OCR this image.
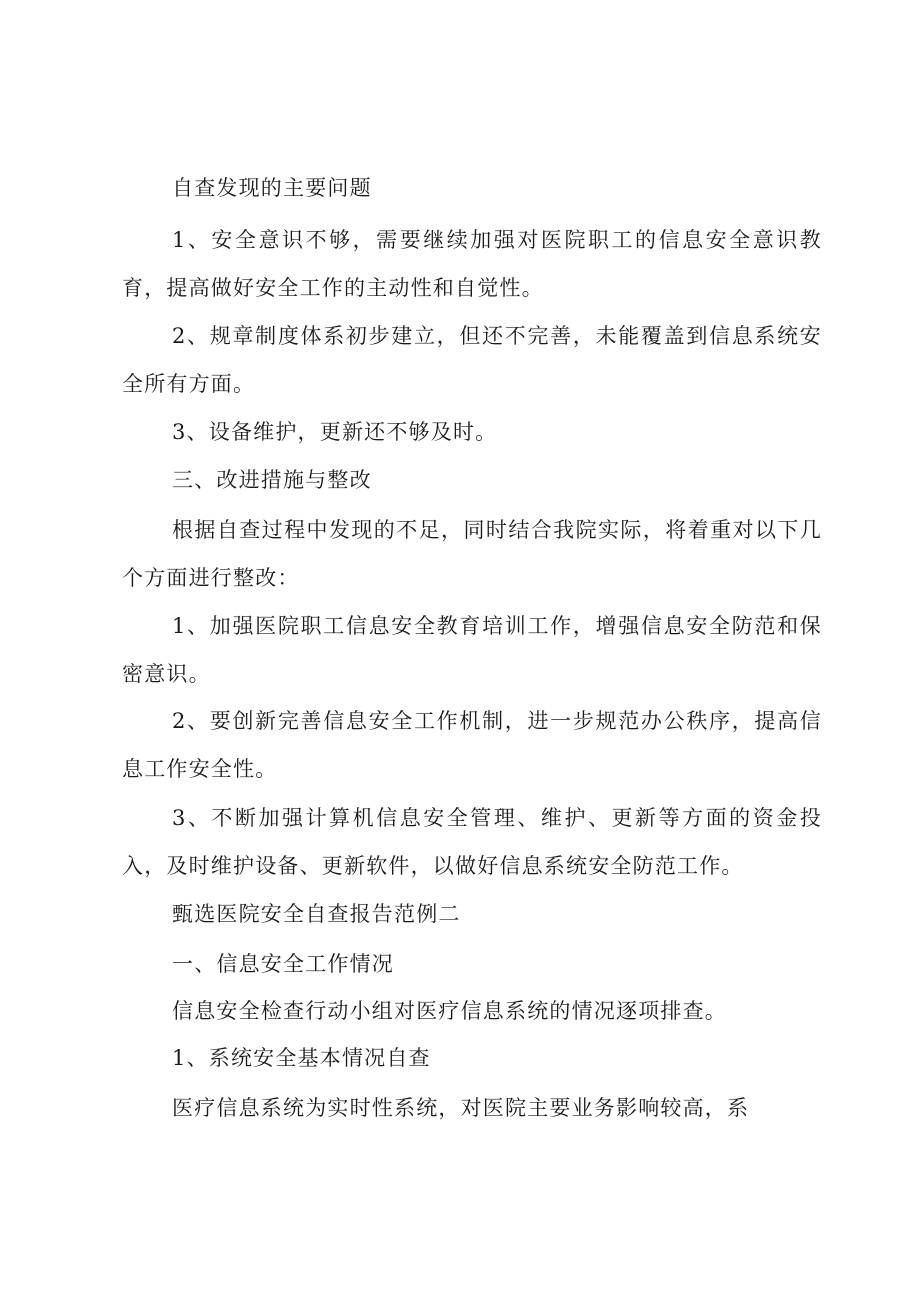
自查发现的主要问题

1、安全意识不够，需要继续加强对医院职工的信息安全意识教育，提高做好安全工作的主动性和自觉性。

2、规章制度体系初步建立，但还不完善，未能覆盖到信息系统安全所有方面。

3、设备维护，更新还不够及时。

三、改进措施与整改

根据自查过程中发现的不足，同时结合我院实际，将着重对以下几个方面进行整改：

1、加强医院职工信息安全教育培训工作，增强信息安全防范和保密意识。

2、要创新完善信息安全工作机制，进一步规范办公秩序，提高信息工作安全性。

3、不断加强计算机信息安全管理、维护、更新等方面的资金投入，及时维护设备、更新软件，以做好信息系统安全防范工作。

甄选医院安全自查报告范例二

一、信息安全工作情况

信息安全检查行动小组对医疗信息系统的情况逐项排查。

1、系统安全基本情况自查

医疗信息系统为实时性系统，对医院主要业务影响较高，系
